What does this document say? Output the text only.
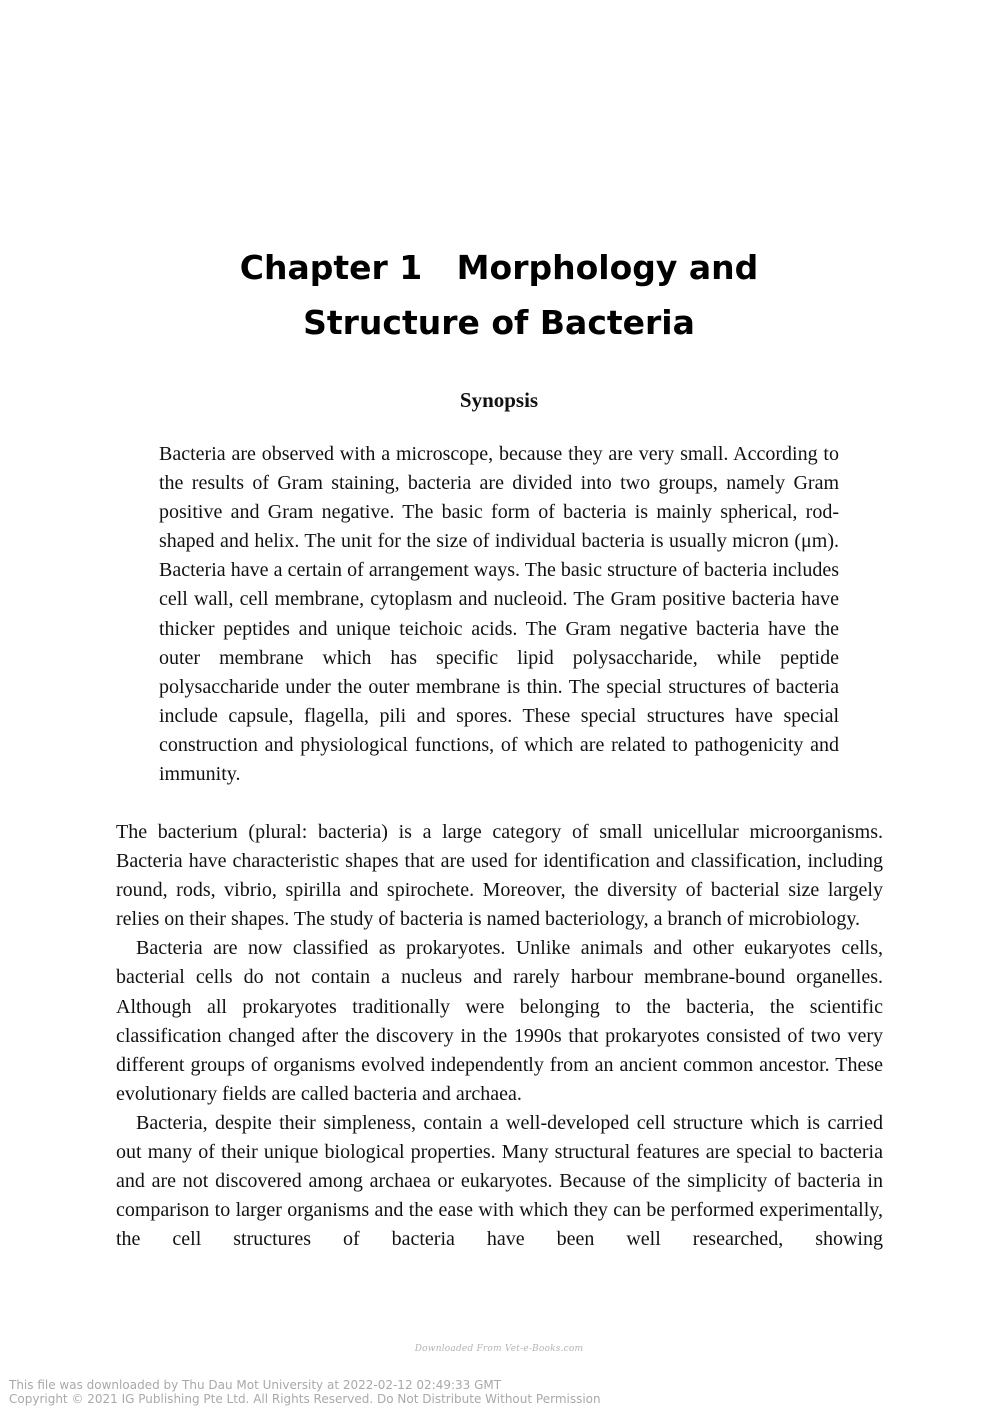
Chapter 1   Morphology and
Structure of Bacteria
Synopsis

Bacteria are observed with a microscope, because they are very small. According to the results of Gram staining, bacteria are divided into two groups, namely Gram positive and Gram negative. The basic form of bacteria is mainly spherical, rod-shaped and helix. The unit for the size of individual bacteria is usually micron (μm). Bacteria have a certain of arrangement ways. The basic structure of bacteria includes cell wall, cell membrane, cytoplasm and nucleoid. The Gram positive bacteria have thicker peptides and unique teichoic acids. The Gram negative bacteria have the outer membrane which has specific lipid polysaccharide, while peptide polysaccharide under the outer membrane is thin. The special structures of bacteria include capsule, flagella, pili and spores. These special structures have special construction and physiological functions, of which are related to pathogenicity and immunity.

The bacterium (plural: bacteria) is a large category of small unicellular microorganisms. Bacteria have characteristic shapes that are used for identification and classification, including round, rods, vibrio, spirilla and spirochete. Moreover, the diversity of bacterial size largely relies on their shapes. The study of bacteria is named bacteriology, a branch of microbiology.

Bacteria are now classified as prokaryotes. Unlike animals and other eukaryotes cells, bacterial cells do not contain a nucleus and rarely harbour membrane-bound organelles. Although all prokaryotes traditionally were belonging to the bacteria, the scientific classification changed after the discovery in the 1990s that prokaryotes consisted of two very different groups of organisms evolved independently from an ancient common ancestor. These evolutionary fields are called bacteria and archaea.

Bacteria, despite their simpleness, contain a well-developed cell structure which is carried out many of their unique biological properties. Many structural features are special to bacteria and are not discovered among archaea or eukaryotes. Because of the simplicity of bacteria in comparison to larger organisms and the ease with which they can be performed experimentally, the cell structures of bacteria have been well researched, showing

Downloaded From Vet-e-Books.com
This file was downloaded by Thu Dau Mot University at 2022-02-12 02:49:33 GMT
Copyright © 2021 IG Publishing Pte Ltd. All Rights Reserved. Do Not Distribute Without Permission
